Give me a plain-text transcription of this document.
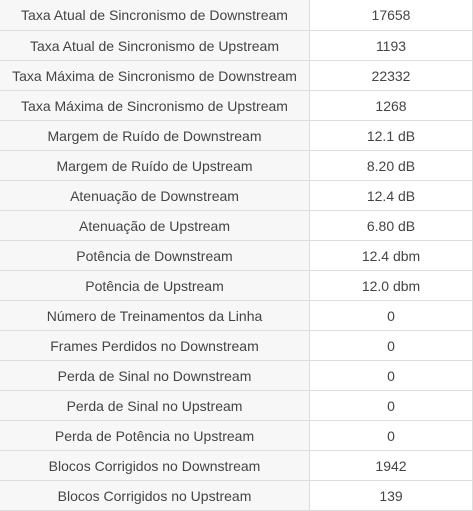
Taxa Atual de Sincronismo de Downstream	17658
Taxa Atual de Sincronismo de Upstream	1193
Taxa Máxima de Sincronismo de Downstream	22332
Taxa Máxima de Sincronismo de Upstream	1268
Margem de Ruído de Downstream	12.1 dB
Margem de Ruído de Upstream	8.20 dB
Atenuação de Downstream	12.4 dB
Atenuação de Upstream	6.80 dB
Potência de Downstream	12.4 dbm
Potência de Upstream	12.0 dbm
Número de Treinamentos da Linha	0
Frames Perdidos no Downstream	0
Perda de Sinal no Downstream	0
Perda de Sinal no Upstream	0
Perda de Potência no Upstream	0
Blocos Corrigidos no Downstream	1942
Blocos Corrigidos no Upstream	139
